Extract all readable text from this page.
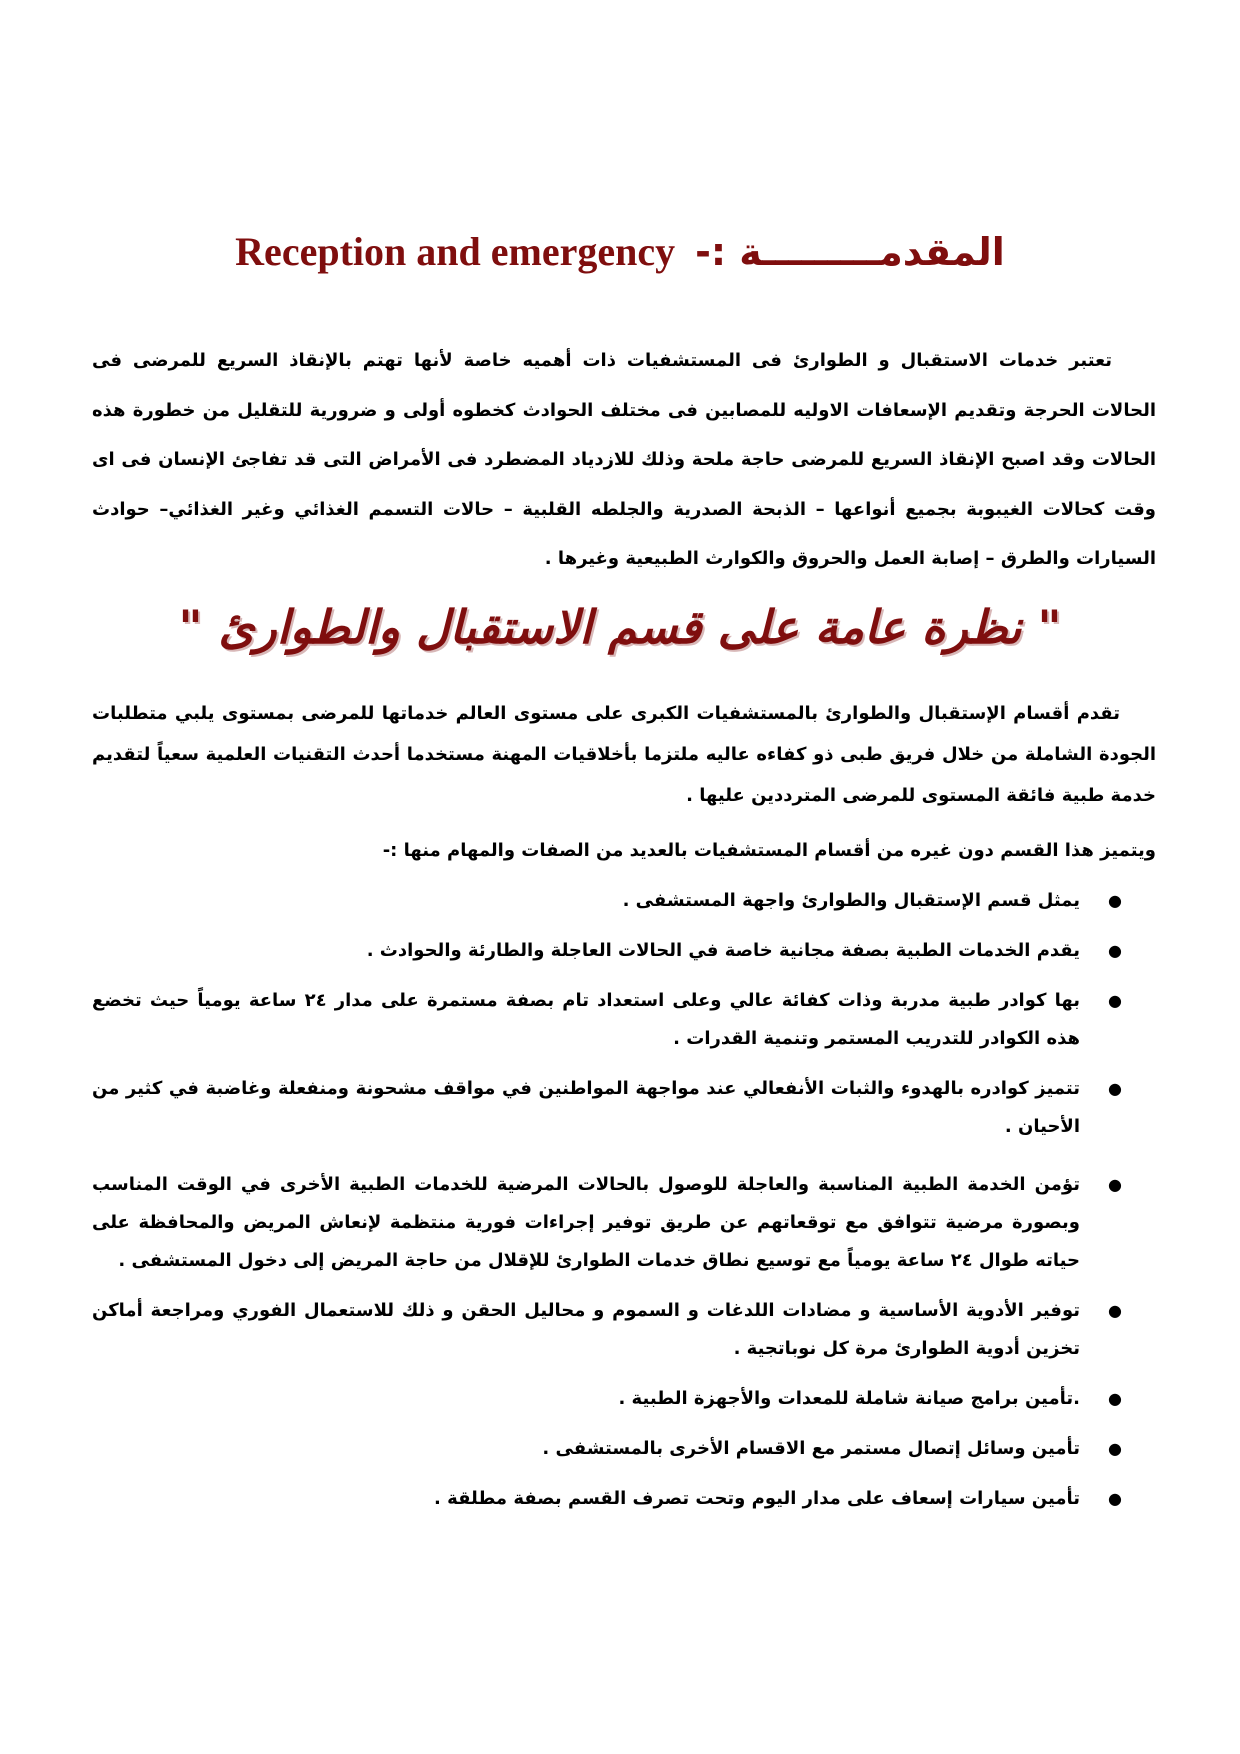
Reception and emergency المقدمـــــــــة :-
تعتبر خدمات الاستقبال و الطوارئ فى المستشفيات ذات أهميه خاصة لأنها تهتم بالإنقاذ السريع للمرضى فى الحالات الحرجة وتقديم الإسعافات الاوليه للمصابين فى مختلف الحوادث كخطوه أولى و ضرورية للتقليل من خطورة هذه الحالات وقد اصبح الإنقاذ السريع للمرضى حاجة ملحة وذلك للازدياد المضطرد فى الأمراض التى قد تفاجئ الإنسان فى اى وقت كحالات الغيبوبة بجميع أنواعها – الذبحة الصدرية والجلطه القلبية – حالات التسمم الغذائي وغير الغذائي– حوادث السيارات والطرق – إصابة العمل والحروق والكوارث الطبيعية وغيرها .
" نظرة عامة على قسم الاستقبال والطوارئ "
تقدم أقسام الإستقبال والطوارئ بالمستشفيات الكبرى على مستوى العالم خدماتها للمرضى بمستوى يلبي متطلبات الجودة الشاملة من خلال فريق طبى ذو كفاءه عاليه ملتزما بأخلاقيات المهنة مستخدما أحدث التقنيات العلمية سعياً لتقديم خدمة طبية فائقة المستوى للمرضى المترددين عليها .
ويتميز هذا القسم دون غيره من أقسام المستشفيات بالعديد من الصفات والمهام منها :-
●
يمثل قسم الإستقبال والطوارئ واجهة المستشفى .
●
يقدم الخدمات الطبية بصفة مجانية خاصة في الحالات العاجلة والطارئة والحوادث .
●
بها كوادر طبية مدربة وذات كفائة عالي وعلى استعداد تام بصفة مستمرة على مدار ٢٤ ساعة يومياً حيث تخضع هذه الكوادر للتدريب المستمر وتنمية القدرات .
●
تتميز كوادره بالهدوء والثبات الأنفعالي عند مواجهة المواطنين في مواقف مشحونة ومنفعلة وغاضبة في كثير من الأحيان .
●
تؤمن الخدمة الطبية المناسبة والعاجلة للوصول بالحالات المرضية للخدمات الطبية الأخرى في الوقت المناسب وبصورة مرضية تتوافق مع توقعاتهم عن طريق توفير إجراءات فورية منتظمة لإنعاش المريض والمحافظة على حياته طوال ٢٤ ساعة يومياً مع توسيع نطاق خدمات الطوارئ للإقلال من حاجة المريض إلى دخول المستشفى .
●
توفير الأدوية الأساسية و مضادات اللدغات و السموم و محاليل الحقن و ذلك للاستعمال الفوري ومراجعة أماكن تخزين أدوية الطوارئ مرة كل نوباتجية .
●
.تأمين برامج صيانة شاملة للمعدات والأجهزة الطبية .
●
تأمين وسائل إتصال مستمر مع الاقسام الأخرى بالمستشفى .
●
تأمين سيارات إسعاف على مدار اليوم وتحت تصرف القسم بصفة مطلقة .
